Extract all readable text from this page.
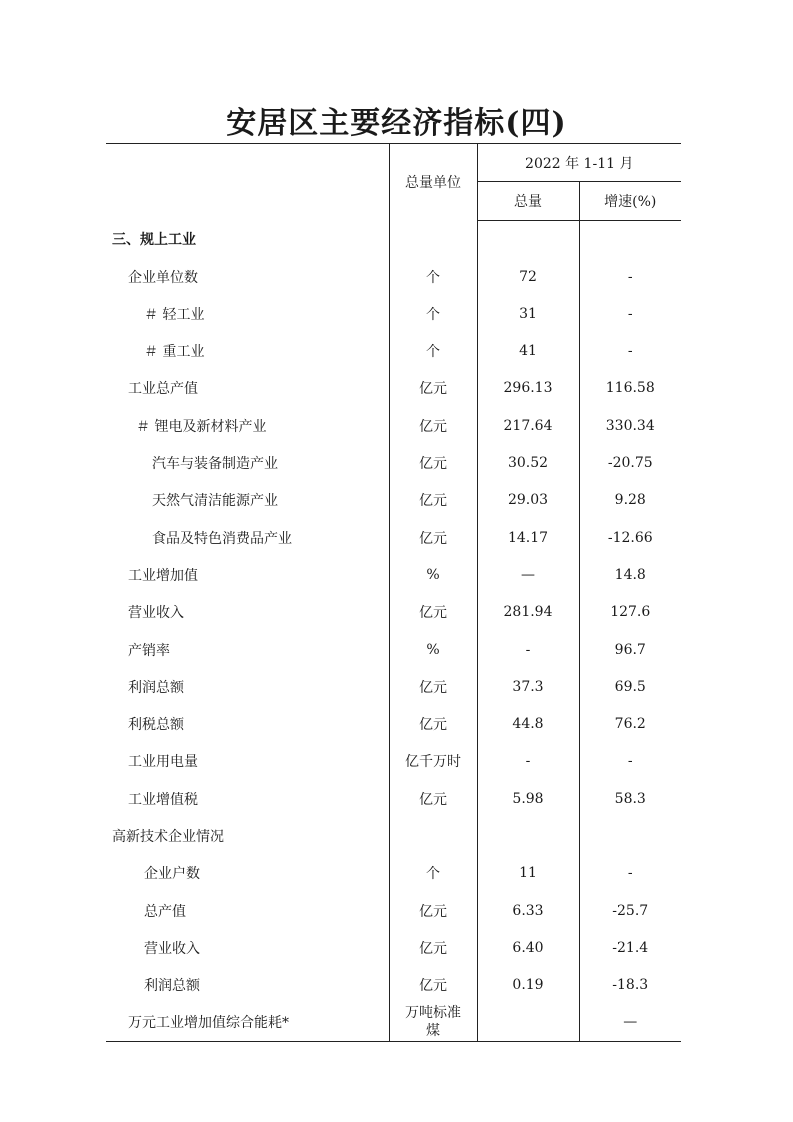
安居区主要经济指标(四)
	总量单位	2022 年 1-11 月	
		总量	增速(%)
三、规上工业			
企业单位数	个	72	-
＃ 轻工业	个	31	-
＃ 重工业	个	41	-
工业总产值	亿元	296.13	116.58
＃ 锂电及新材料产业	亿元	217.64	330.34
汽车与装备制造产业	亿元	30.52	-20.75
天然气清洁能源产业	亿元	29.03	9.28
食品及特色消费品产业	亿元	14.17	-12.66
工业增加值	%	—	14.8
营业收入	亿元	281.94	127.6
产销率	%	-	96.7
利润总额	亿元	37.3	69.5
利税总额	亿元	44.8	76.2
工业用电量	亿千万时	-	-
工业增值税	亿元	5.98	58.3
高新技术企业情况			
企业户数	个	11	-
总产值	亿元	6.33	-25.7
营业收入	亿元	6.40	-21.4
利润总额	亿元	0.19	-18.3
万元工业增加值综合能耗*	万吨标准煤		—
